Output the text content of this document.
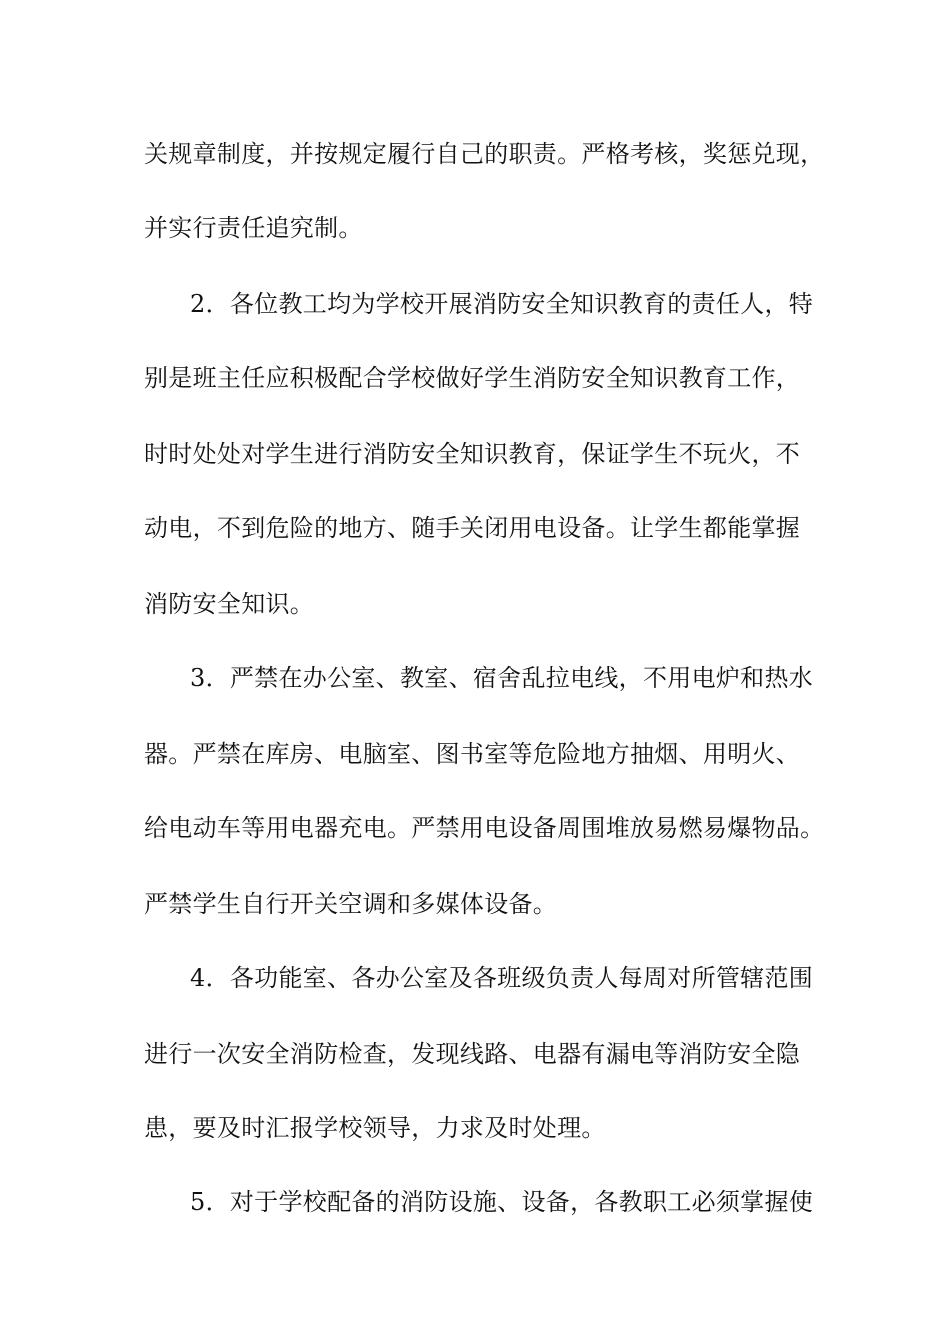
关规章制度，并按规定履行自己的职责。严格考核，奖惩兑现，
并实行责任追究制。
2．各位教工均为学校开展消防安全知识教育的责任人，特
别是班主任应积极配合学校做好学生消防安全知识教育工作，
时时处处对学生进行消防安全知识教育，保证学生不玩火，不
动电，不到危险的地方、随手关闭用电设备。让学生都能掌握
消防安全知识。
3．严禁在办公室、教室、宿舍乱拉电线，不用电炉和热水
器。严禁在库房、电脑室、图书室等危险地方抽烟、用明火、
给电动车等用电器充电。严禁用电设备周围堆放易燃易爆物品。
严禁学生自行开关空调和多媒体设备。
4．各功能室、各办公室及各班级负责人每周对所管辖范围
进行一次安全消防检查，发现线路、电器有漏电等消防安全隐
患，要及时汇报学校领导，力求及时处理。
5．对于学校配备的消防设施、设备，各教职工必须掌握使
